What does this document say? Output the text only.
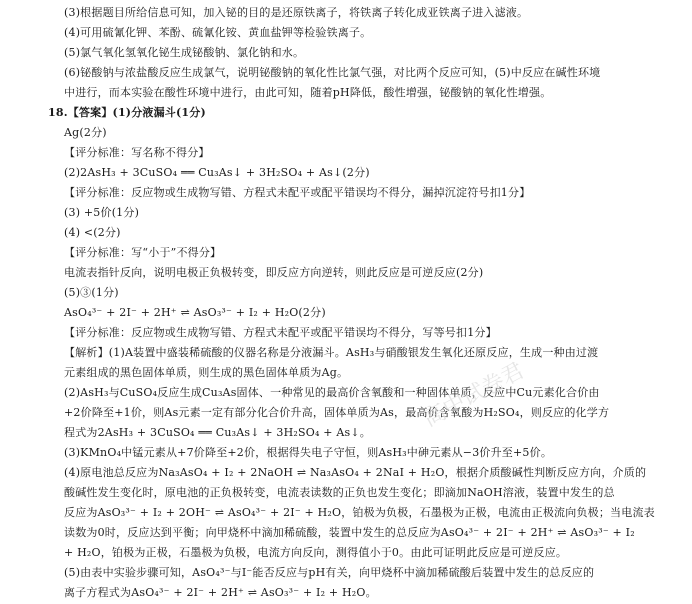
(3)根据题目所给信息可知，加入铋的目的是还原铁离子，将铁离子转化成亚铁离子进入滤液。
(4)可用硫氰化钾、苯酚、硫氰化铵、黄血盐钾等检验铁离子。
(5)氯气氧化氢氧化铋生成铋酸钠、氯化钠和水。
(6)铋酸钠与浓盐酸反应生成氯气，说明铋酸钠的氧化性比氯气强，对比两个反应可知，(5)中反应在碱性环境
中进行，而本实验在酸性环境中进行，由此可知，随着pH降低，酸性增强，铋酸钠的氧化性增强。
18.【答案】(1)分液漏斗(1分)
Ag(2分)
【评分标准：写名称不得分】
(2)2AsH₃ + 3CuSO₄ ══ Cu₃As↓ + 3H₂SO₄ + As↓(2分)
【评分标准：反应物或生成物写错、方程式未配平或配平错误均不得分，漏掉沉淀符号扣1分】
(3) +5价(1分)
(4) <(2分)
【评分标准：写“小于”不得分】
电流表指针反向，说明电极正负极转变，即反应方向逆转，则此反应是可逆反应(2分)
(5)③(1分)
AsO₄³⁻ + 2I⁻ + 2H⁺ ⇌ AsO₃³⁻ + I₂ + H₂O(2分)
【评分标准：反应物或生成物写错、方程式未配平或配平错误均不得分，写等号扣1分】
【解析】(1)A装置中盛装稀硫酸的仪器名称是分液漏斗。AsH₃与硝酸银发生氧化还原反应，生成一种由过渡
元素组成的黑色固体单质，则生成的黑色固体单质为Ag。
(2)AsH₃与CuSO₄反应生成Cu₃As固体、一种常见的最高价含氧酸和一种固体单质，反应中Cu元素化合价由
+2价降至+1价，则As元素一定有部分化合价升高，固体单质为As，最高价含氧酸为H₂SO₄，则反应的化学方
程式为2AsH₃ + 3CuSO₄ ══ Cu₃As↓ + 3H₂SO₄ + As↓。
(3)KMnO₄中锰元素从+7价降至+2价，根据得失电子守恒，则AsH₃中砷元素从−3价升至+5价。
(4)原电池总反应为Na₃AsO₄ + I₂ + 2NaOH ⇌ Na₃AsO₄ + 2NaI + H₂O，根据介质酸碱性判断反应方向，介质的
酸碱性发生变化时，原电池的正负极转变，电流表读数的正负也发生变化；即滴加NaOH溶液，装置中发生的总
反应为AsO₃³⁻ + I₂ + 2OH⁻ ⇌ AsO₄³⁻ + 2I⁻ + H₂O，铂极为负极，石墨极为正极，电流由正极流向负极；当电流表
读数为0时，反应达到平衡；向甲烧杯中滴加稀硫酸，装置中发生的总反应为AsO₄³⁻ + 2I⁻ + 2H⁺ ⇌ AsO₃³⁻ + I₂
+ H₂O，铂极为正极，石墨极为负极，电流方向反向，测得值小于0。由此可证明此反应是可逆反应。
(5)由表中实验步骤可知，AsO₄³⁻与I⁻能否反应与pH有关，向甲烧杯中滴加稀硫酸后装置中发生的总反应的
离子方程式为AsO₄³⁻ + 2I⁻ + 2H⁺ ⇌ AsO₃³⁻ + I₂ + H₂O。
高中试卷君
